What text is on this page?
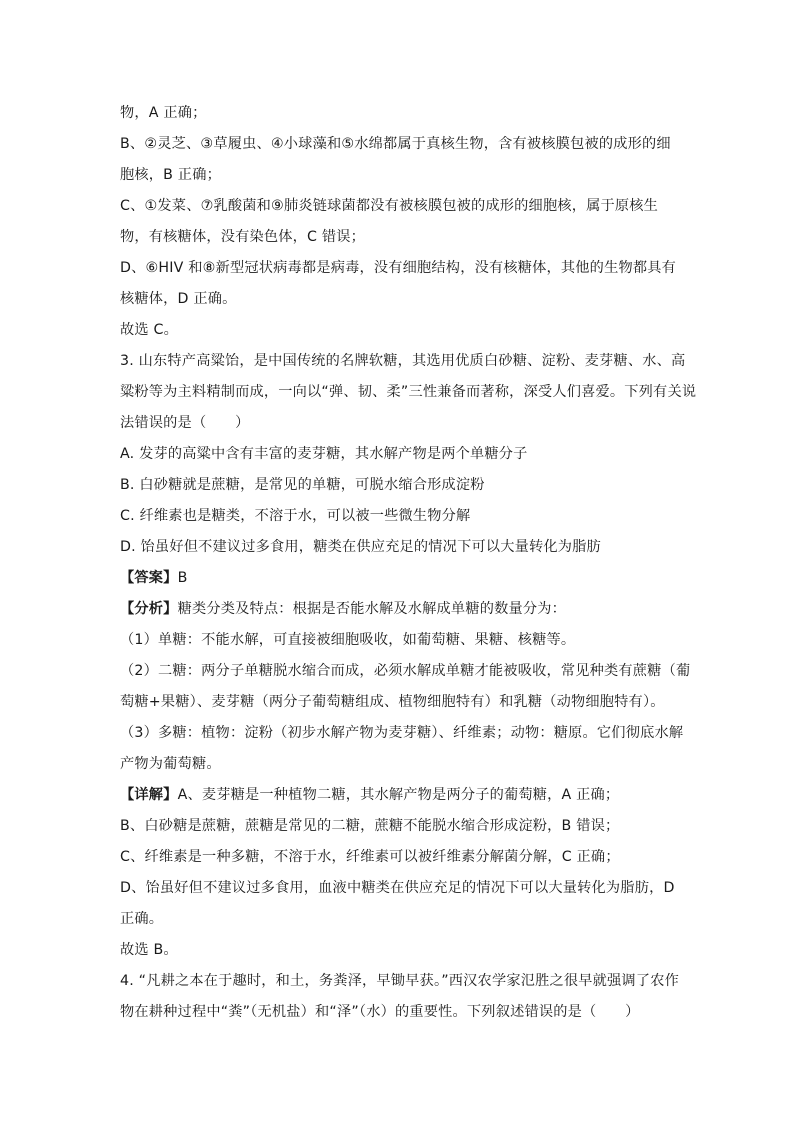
物，A 正确；
B、②灵芝、③草履虫、④小球藻和⑤水绵都属于真核生物，含有被核膜包被的成形的细
胞核，B 正确；
C、①发菜、⑦乳酸菌和⑨肺炎链球菌都没有被核膜包被的成形的细胞核，属于原核生
物，有核糖体，没有染色体，C 错误；
D、⑥HIV 和⑧新型冠状病毒都是病毒，没有细胞结构，没有核糖体，其他的生物都具有
核糖体，D 正确。
故选 C。
3. 山东特产高粱饴，是中国传统的名牌软糖，其选用优质白砂糖、淀粉、麦芽糖、水、高
粱粉等为主料精制而成，一向以“弹、韧、柔”三性兼备而著称，深受人们喜爱。下列有关说
法错误的是（　　）
A. 发芽的高粱中含有丰富的麦芽糖，其水解产物是两个单糖分子
B. 白砂糖就是蔗糖，是常见的单糖，可脱水缩合形成淀粉
C. 纤维素也是糖类，不溶于水，可以被一些微生物分解
D. 饴虽好但不建议过多食用，糖类在供应充足的情况下可以大量转化为脂肪
【答案】B
【分析】糖类分类及特点：根据是否能水解及水解成单糖的数量分为：
（1）单糖：不能水解，可直接被细胞吸收，如葡萄糖、果糖、核糖等。
（2）二糖：两分子单糖脱水缩合而成，必须水解成单糖才能被吸收，常见种类有蔗糖（葡
萄糖+果糖）、麦芽糖（两分子葡萄糖组成、植物细胞特有）和乳糖（动物细胞特有）。
（3）多糖：植物：淀粉（初步水解产物为麦芽糖）、纤维素；动物：糖原。它们彻底水解
产物为葡萄糖。
【详解】A、麦芽糖是一种植物二糖，其水解产物是两分子的葡萄糖，A 正确；
B、白砂糖是蔗糖，蔗糖是常见的二糖，蔗糖不能脱水缩合形成淀粉，B 错误；
C、纤维素是一种多糖，不溶于水，纤维素可以被纤维素分解菌分解，C 正确；
D、饴虽好但不建议过多食用，血液中糖类在供应充足的情况下可以大量转化为脂肪，D
正确。
故选 B。
4. “凡耕之本在于趣时，和土，务粪泽，早锄早获。”西汉农学家氾胜之很早就强调了农作
物在耕种过程中“粪”（无机盐）和“泽”（水）的重要性。下列叙述错误的是（　　）
